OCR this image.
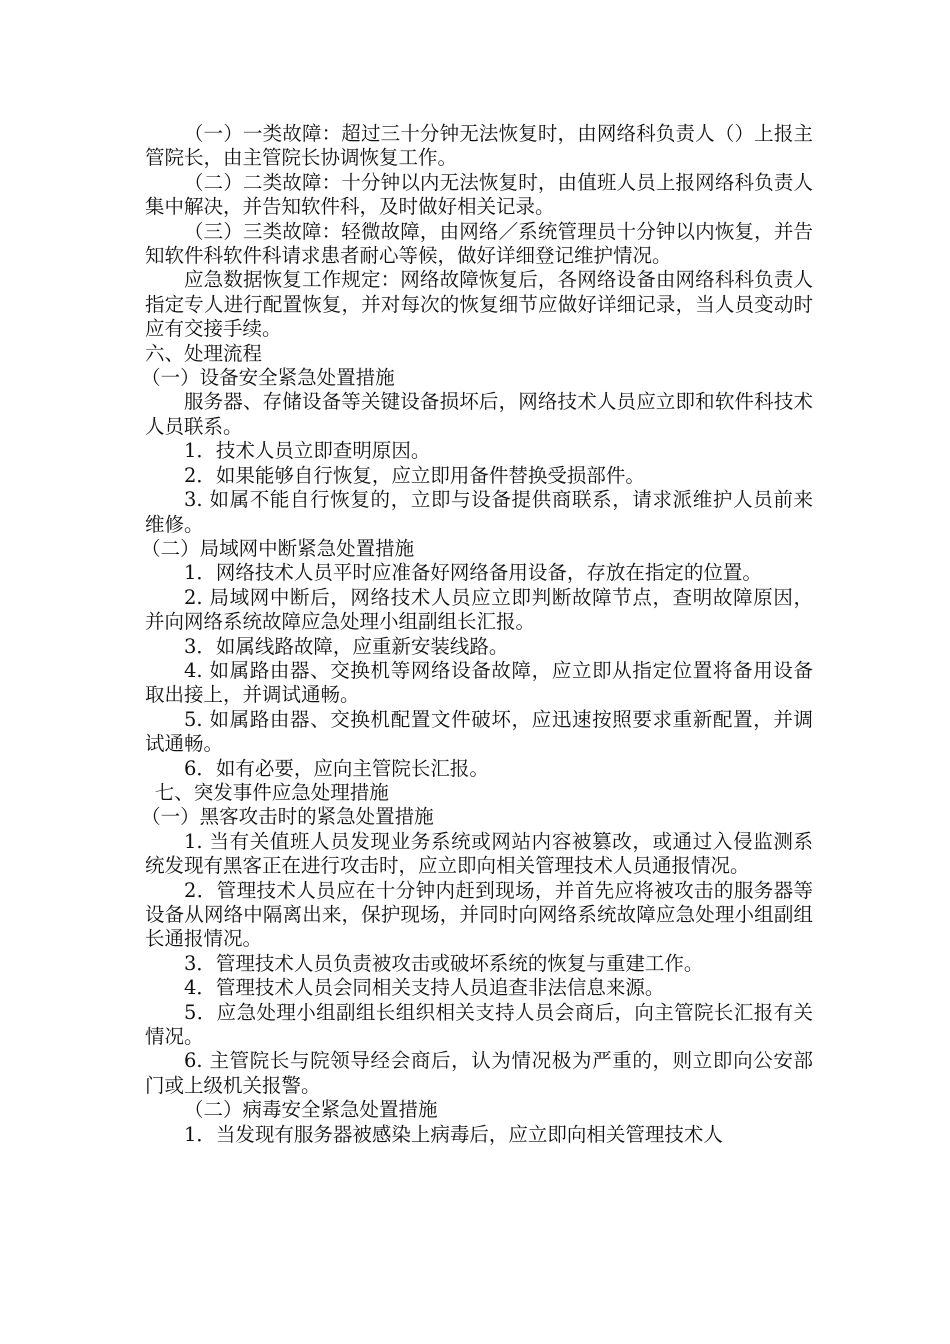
（一）一类故障：超过三十分钟无法恢复时，由网络科负责人（）上报主管院长，由主管院长协调恢复工作。

（二）二类故障：十分钟以内无法恢复时，由值班人员上报网络科负责人集中解决，并告知软件科，及时做好相关记录。

（三）三类故障：轻微故障，由网络／系统管理员十分钟以内恢复，并告知软件科软件科请求患者耐心等候，做好详细登记维护情况。

应急数据恢复工作规定：网络故障恢复后，各网络设备由网络科科负责人指定专人进行配置恢复，并对每次的恢复细节应做好详细记录，当人员变动时应有交接手续。

六、处理流程

（一）设备安全紧急处置措施

服务器、存储设备等关键设备损坏后，网络技术人员应立即和软件科技术人员联系。

1．技术人员立即查明原因。

2．如果能够自行恢复，应立即用备件替换受损部件。

3. 如属不能自行恢复的，立即与设备提供商联系，请求派维护人员前来维修。

（二）局域网中断紧急处置措施

1．网络技术人员平时应准备好网络备用设备，存放在指定的位置。

2. 局域网中断后，网络技术人员应立即判断故障节点，查明故障原因，并向网络系统故障应急处理小组副组长汇报。

3．如属线路故障，应重新安装线路。

4. 如属路由器、交换机等网络设备故障，应立即从指定位置将备用设备取出接上，并调试通畅。

5. 如属路由器、交换机配置文件破坏，应迅速按照要求重新配置，并调试通畅。

6．如有必要，应向主管院长汇报。

七、突发事件应急处理措施

（一）黑客攻击时的紧急处置措施

1. 当有关值班人员发现业务系统或网站内容被篡改，或通过入侵监测系统发现有黑客正在进行攻击时，应立即向相关管理技术人员通报情况。

2．管理技术人员应在十分钟内赶到现场，并首先应将被攻击的服务器等设备从网络中隔离出来，保护现场，并同时向网络系统故障应急处理小组副组长通报情况。

3．管理技术人员负责被攻击或破坏系统的恢复与重建工作。

4．管理技术人员会同相关支持人员追查非法信息来源。

5．应急处理小组副组长组织相关支持人员会商后，向主管院长汇报有关情况。

6. 主管院长与院领导经会商后，认为情况极为严重的，则立即向公安部门或上级机关报警。

（二）病毒安全紧急处置措施

1．当发现有服务器被感染上病毒后，应立即向相关管理技术人
